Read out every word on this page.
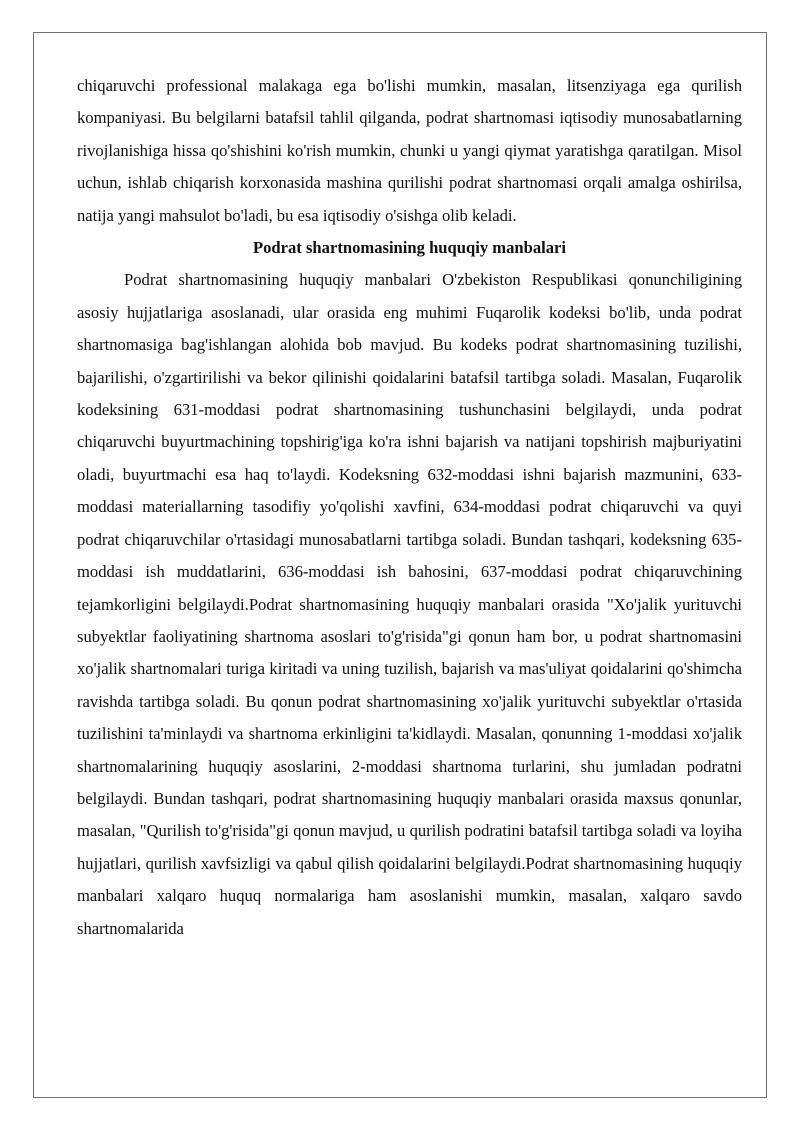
chiqaruvchi professional malakaga ega bo'lishi mumkin, masalan, litsenziyaga ega qurilish kompaniyasi. Bu belgilarni batafsil tahlil qilganda, podrat shartnomasi iqtisodiy munosabatlarning rivojlanishiga hissa qo'shishini ko'rish mumkin, chunki u yangi qiymat yaratishga qaratilgan. Misol uchun, ishlab chiqarish korxonasida mashina qurilishi podrat shartnomasi orqali amalga oshirilsa, natija yangi mahsulot bo'ladi, bu esa iqtisodiy o'sishga olib keladi.

Podrat shartnomasining huquqiy manbalari

Podrat shartnomasining huquqiy manbalari O'zbekiston Respublikasi qonunchiligining asosiy hujjatlariga asoslanadi, ular orasida eng muhimi Fuqarolik kodeksi bo'lib, unda podrat shartnomasiga bag'ishlangan alohida bob mavjud. Bu kodeks podrat shartnomasining tuzilishi, bajarilishi, o'zgartirilishi va bekor qilinishi qoidalarini batafsil tartibga soladi. Masalan, Fuqarolik kodeksining 631-moddasi podrat shartnomasining tushunchasini belgilaydi, unda podrat chiqaruvchi buyurtmachining topshirig'iga ko'ra ishni bajarish va natijani topshirish majburiyatini oladi, buyurtmachi esa haq to'laydi. Kodeksning 632-moddasi ishni bajarish mazmunini, 633-moddasi materiallarning tasodifiy yo'qolishi xavfini, 634-moddasi podrat chiqaruvchi va quyi podrat chiqaruvchilar o'rtasidagi munosabatlarni tartibga soladi. Bundan tashqari, kodeksning 635-moddasi ish muddatlarini, 636-moddasi ish bahosini, 637-moddasi podrat chiqaruvchining tejamkorligini belgilaydi.Podrat shartnomasining huquqiy manbalari orasida "Xo'jalik yurituvchi subyektlar faoliyatining shartnoma asoslari to'g'risida"gi qonun ham bor, u podrat shartnomasini xo'jalik shartnomalari turiga kiritadi va uning tuzilish, bajarish va mas'uliyat qoidalarini qo'shimcha ravishda tartibga soladi. Bu qonun podrat shartnomasining xo'jalik yurituvchi subyektlar o'rtasida tuzilishini ta'minlaydi va shartnoma erkinligini ta'kidlaydi. Masalan, qonunning 1-moddasi xo'jalik shartnomalarining huquqiy asoslarini, 2-moddasi shartnoma turlarini, shu jumladan podratni belgilaydi. Bundan tashqari, podrat shartnomasining huquqiy manbalari orasida maxsus qonunlar, masalan, "Qurilish to'g'risida"gi qonun mavjud, u qurilish podratini batafsil tartibga soladi va loyiha hujjatlari, qurilish xavfsizligi va qabul qilish qoidalarini belgilaydi.Podrat shartnomasining huquqiy manbalari xalqaro huquq normalariga ham asoslanishi mumkin, masalan, xalqaro savdo shartnomalarida
